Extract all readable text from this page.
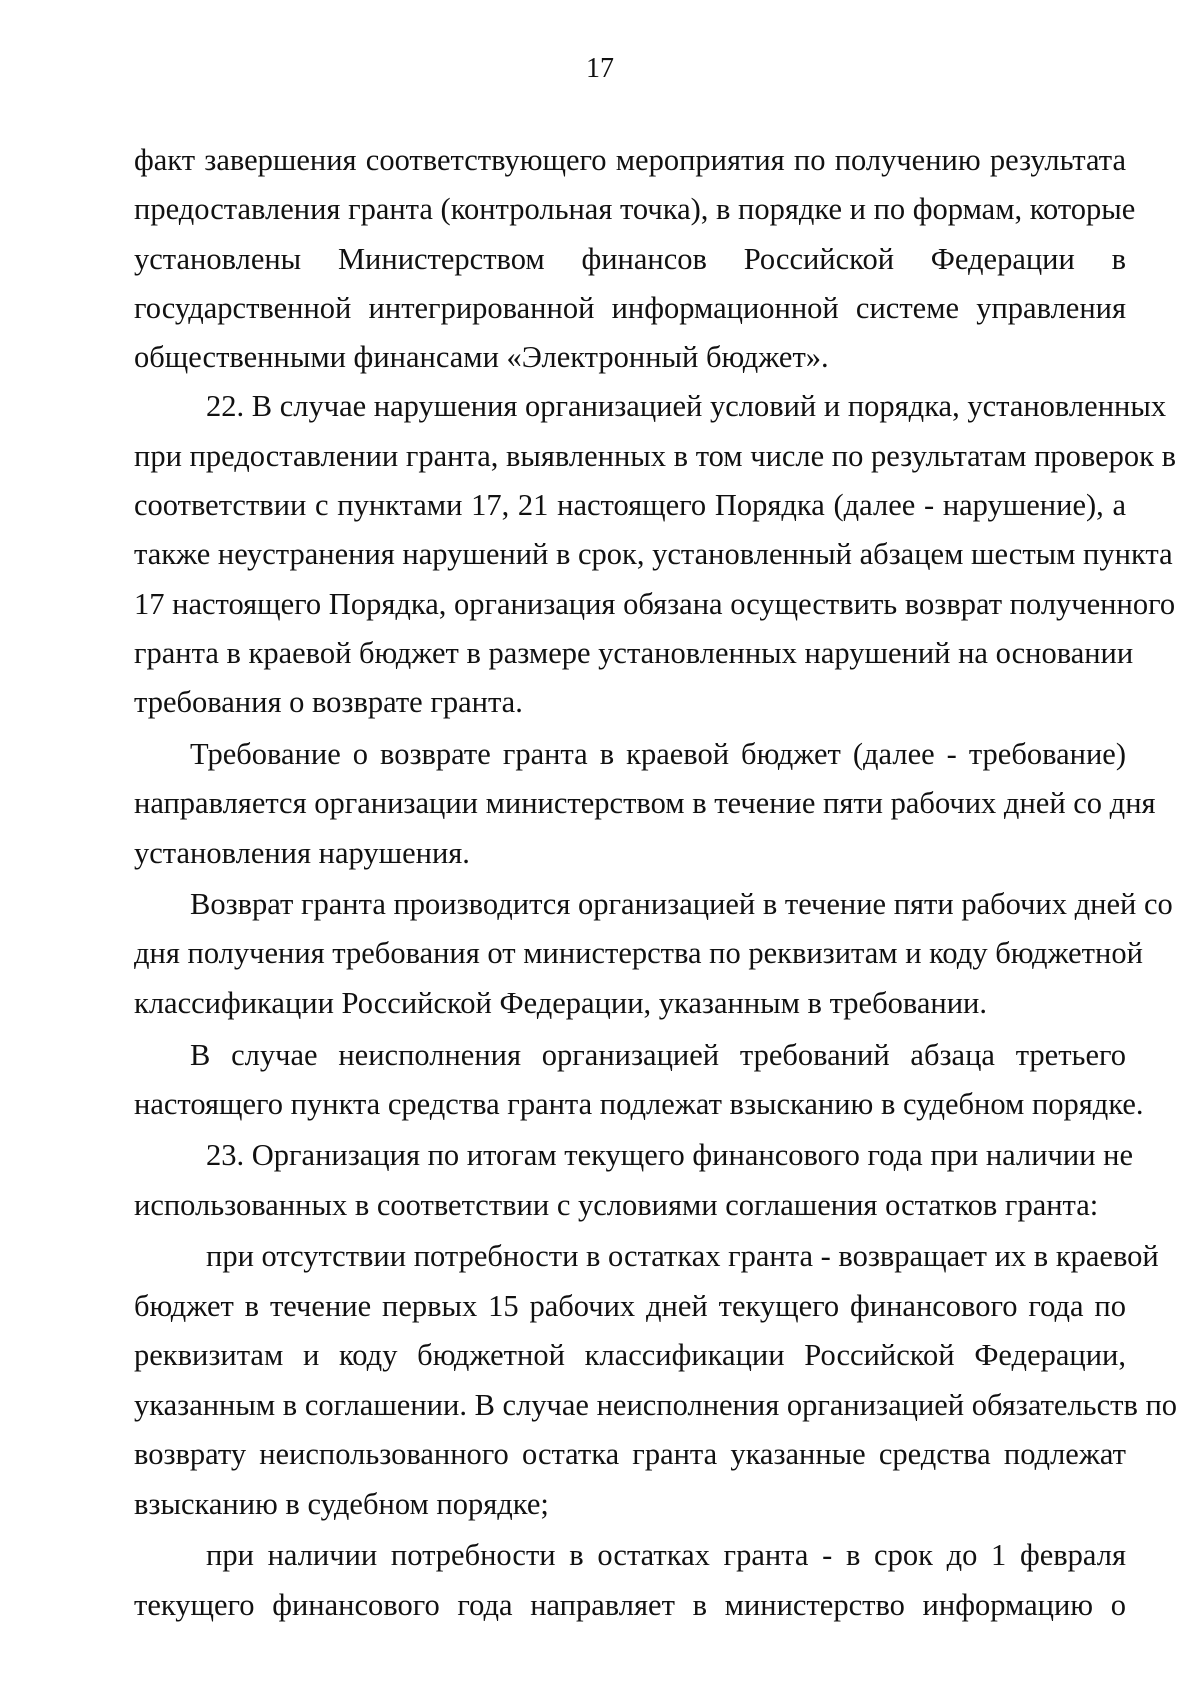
17
факт завершения соответствующего мероприятия по получению результата
предоставления гранта (контрольная точка), в порядке и по формам, которые
установлены Министерством финансов Российской Федерации в
государственной интегрированной информационной системе управления
общественными финансами «Электронный бюджет».
22. В случае нарушения организацией условий и порядка, установленных
при предоставлении гранта, выявленных в том числе по результатам проверок в
соответствии с пунктами 17, 21 настоящего Порядка (далее - нарушение), а
также неустранения нарушений в срок, установленный абзацем шестым пункта
17 настоящего Порядка, организация обязана осуществить возврат полученного
гранта в краевой бюджет в размере установленных нарушений на основании
требования о возврате гранта.
Требование о возврате гранта в краевой бюджет (далее - требование)
направляется организации министерством в течение пяти рабочих дней со дня
установления нарушения.
Возврат гранта производится организацией в течение пяти рабочих дней со
дня получения требования от министерства по реквизитам и коду бюджетной
классификации Российской Федерации, указанным в требовании.
В случае неисполнения организацией требований абзаца третьего
настоящего пункта средства гранта подлежат взысканию в судебном порядке.
23. Организация по итогам текущего финансового года при наличии не
использованных в соответствии с условиями соглашения остатков гранта:
при отсутствии потребности в остатках гранта - возвращает их в краевой
бюджет в течение первых 15 рабочих дней текущего финансового года по
реквизитам и коду бюджетной классификации Российской Федерации,
указанным в соглашении. В случае неисполнения организацией обязательств по
возврату неиспользованного остатка гранта указанные средства подлежат
взысканию в судебном порядке;
при наличии потребности в остатках гранта - в срок до 1 февраля
текущего финансового года направляет в министерство информацию о
